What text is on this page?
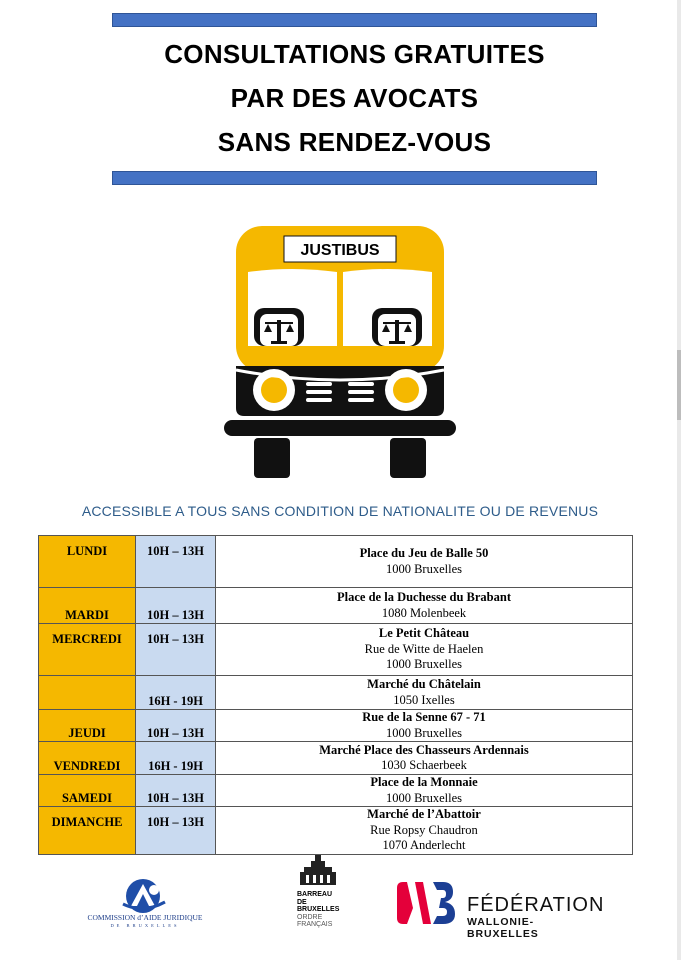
CONSULTATIONS GRATUITES
PAR DES AVOCATS
SANS RENDEZ-VOUS
JUSTIBUS
ACCESSIBLE A TOUS SANS CONDITION DE NATIONALITE OU DE REVENUS
LUNDI	10H – 13H	Place du Jeu de Balle 50
1000 Bruxelles

MARDI	10H – 13H	Place de la Duchesse du Brabant
1080 Molenbeek

MERCREDI	10H – 13H	Le Petit Château
Rue de Witte de Haelen
1000 Bruxelles

	16H - 19H	Marché du Châtelain
1050 Ixelles

JEUDI	10H – 13H	Rue de la Senne 67 - 71
1000 Bruxelles

VENDREDI	16H - 19H	Marché Place des Chasseurs Ardennais
1030 Schaerbeek

SAMEDI	10H – 13H	Place de la Monnaie
1000 Bruxelles

DIMANCHE	10H – 13H	Marché de l’Abattoir
Rue Ropsy Chaudron
1070 Anderlecht
COMMISSION d’AIDE JURIDIQUE
DE BRUXELLES
BARREAU
DE
BRUXELLES
ORDRE
FRANÇAIS
FÉDÉRATION
WALLONIE-BRUXELLES
